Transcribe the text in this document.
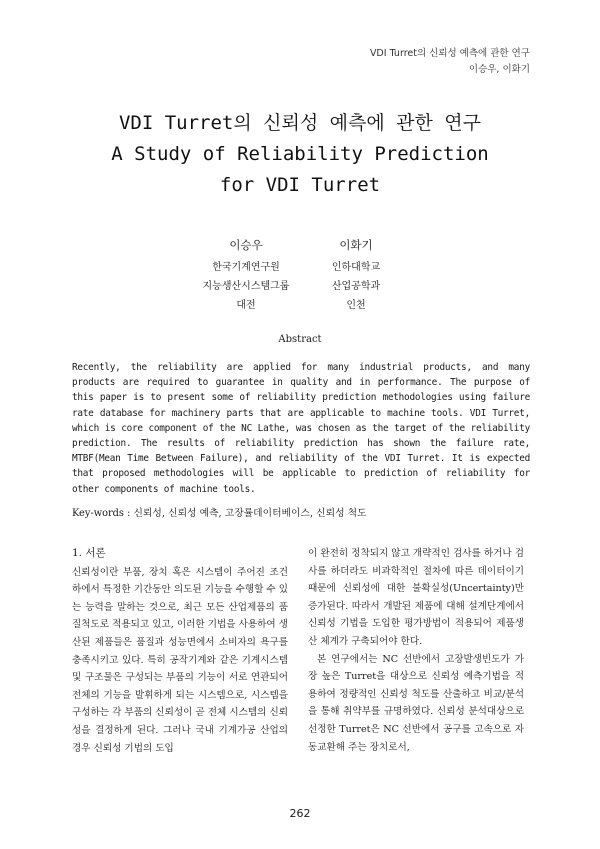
VDI Turret의 신뢰성 예측에 관한 연구
이승우, 이화기
VDI Turret의 신뢰성 예측에 관한 연구
A Study of Reliability Prediction
for VDI Turret
이승우
한국기계연구원
지능생산시스템그룹
대전
이화기
인하대학교
산업공학과
인천
Abstract
Recently, the reliability are applied for many industrial products, and many products are required to guarantee in quality and in performance. The purpose of this paper is to present some of reliability prediction methodologies using failure rate database for machinery parts that are applicable to machine tools. VDI Turret, which is core component of the NC Lathe, was chosen as the target of the reliability prediction. The results of reliability prediction has shown the failure rate, MTBF(Mean Time Between Failure), and reliability of the VDI Turret. It is expected that proposed methodologies will be applicable to prediction of reliability for other components of machine tools.
Key-words : 신뢰성, 신뢰성 예측, 고장률데이터베이스, 신뢰성 척도
1. 서론

신뢰성이란 부품, 장치 혹은 시스템이 주어진 조건 하에서 특정한 기간동안 의도된 기능을 수행할 수 있는 능력을 말하는 것으로, 최근 모든 산업제품의 품질척도로 적용되고 있고, 이러한 기법을 사용하여 생산된 제품들은 품질과 성능면에서 소비자의 욕구를 충족시키고 있다. 특히 공작기계와 같은 기계시스템 및 구조물은 구성되는 부품의 기능이 서로 연관되어 전체의 기능을 발휘하게 되는 시스템으로, 시스템을 구성하는 각 부품의 신뢰성이 곧 전체 시스템의 신뢰성을 결정하게 된다. 그러나 국내 기계가공 산업의 경우 신뢰성 기법의 도입

이 완전히 정착되지 않고 개략적인 검사를 하거나 검사를 하더라도 비과학적인 절차에 따른 데이터이기 때문에 신뢰성에 대한 불확실성(Uncertainty)만 증가된다. 따라서 개발된 제품에 대해 설계단계에서 신뢰성 기법을 도입한 평가방법이 적용되어 제품생산 체계가 구축되어야 한다.

본 연구에서는 NC 선반에서 고장발생빈도가 가장 높은 Turret을 대상으로 신뢰성 예측기법을 적용하여 정량적인 신뢰성 척도를 산출하고 비교/분석을 통해 취약부를 규명하였다. 신뢰성 분석대상으로 선정한 Turret은 NC 선반에서 공구를 고속으로 자동교환해 주는 장치로서,

262
